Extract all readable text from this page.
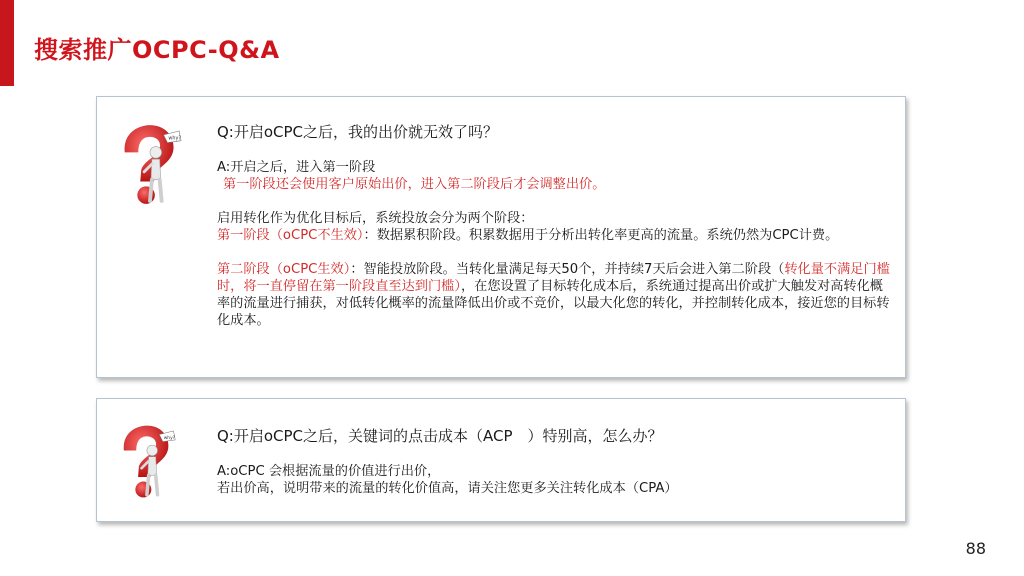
搜索推广OCPC-Q&A
why? Q:开启oCPC之后，我的出价就无效了吗？

A:开启之后，进入第一阶段

第一阶段还会使用客户原始出价，进入第二阶段后才会调整出价。

启用转化作为优化目标后，系统投放会分为两个阶段：

第一阶段（oCPC不生效）：数据累积阶段。积累数据用于分析出转化率更高的流量。系统仍然为CPC计费。

第二阶段（oCPC生效）：智能投放阶段。当转化量满足每天50个，并持续7天后会进入第二阶段（转化量不满足门槛时，将一直停留在第一阶段直至达到门槛），在您设置了目标转化成本后，系统通过提高出价或扩大触发对高转化概率的流量进行捕获，对低转化概率的流量降低出价或不竞价，以最大化您的转化，并控制转化成本，接近您的目标转化成本。

why?	Q:开启oCPC之后，关键词的点击成本（ACP　）特别高，怎么办？

A:oCPC 会根据流量的价值进行出价，

若出价高，说明带来的流量的转化价值高，请关注您更多关注转化成本（CPA）

88
